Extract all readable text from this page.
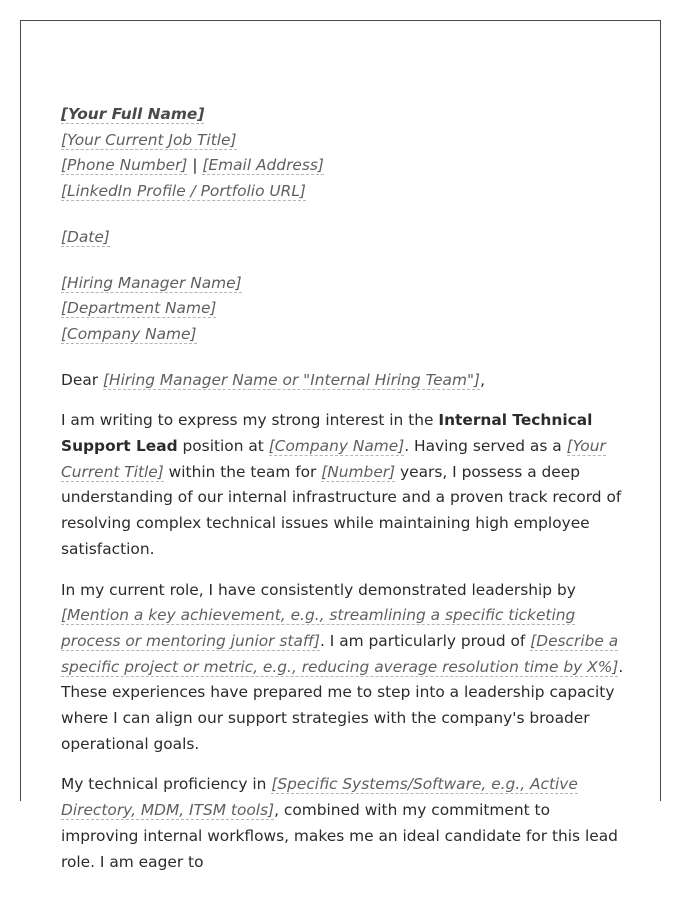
[Your Full Name]
[Your Current Job Title]
[Phone Number] | [Email Address]
[LinkedIn Profile / Portfolio URL]
[Date]
[Hiring Manager Name]
[Department Name]
[Company Name]

Dear [Hiring Manager Name or "Internal Hiring Team"],

I am writing to express my strong interest in the Internal Technical Support Lead position at [Company Name]. Having served as a [Your Current Title] within the team for [Number] years, I possess a deep understanding of our internal infrastructure and a proven track record of resolving complex technical issues while maintaining high employee satisfaction.

In my current role, I have consistently demonstrated leadership by [Mention a key achievement, e.g., streamlining a specific ticketing process or mentoring junior staff]. I am particularly proud of [Describe a specific project or metric, e.g., reducing average resolution time by X%]. These experiences have prepared me to step into a leadership capacity where I can align our support strategies with the company's broader operational goals.

My technical proficiency in [Specific Systems/Software, e.g., Active Directory, MDM, ITSM tools], combined with my commitment to improving internal workflows, makes me an ideal candidate for this lead role. I am eager to
